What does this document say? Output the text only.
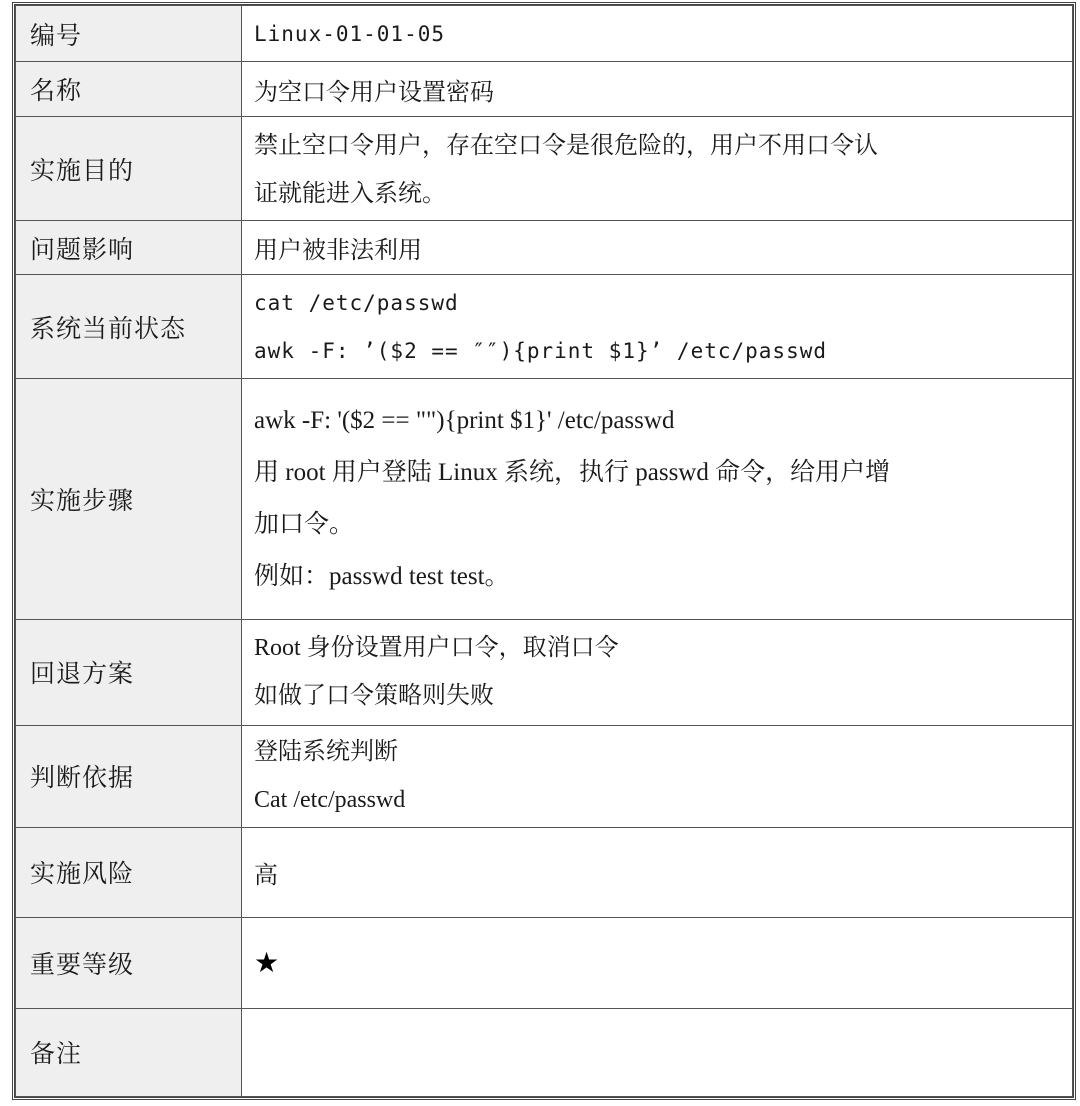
编号	Linux-01-01-05

名称	为空口令用户设置密码

实施目的	禁止空口令用户，存在空口令是很危险的，用户不用口令认
证就能进入系统。

问题影响	用户被非法利用

系统当前状态	cat /etc/passwd
awk -F: ’($2 == ″″){print $1}’ /etc/passwd

实施步骤	awk -F: '($2 == ""){print $1}' /etc/passwd
用 root 用户登陆 Linux 系统，执行 passwd 命令，给用户增
加口令。
例如：passwd test test。

回退方案	Root 身份设置用户口令，取消口令
如做了口令策略则失败

判断依据	登陆系统判断
Cat /etc/passwd

实施风险	高

重要等级	★

备注	
